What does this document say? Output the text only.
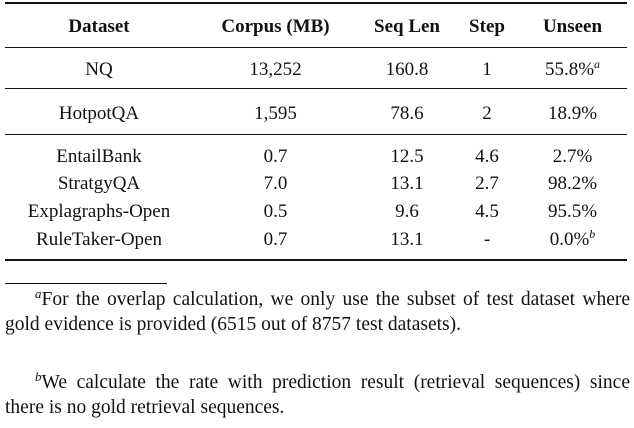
Dataset	Corpus (MB)	Seq Len	Step	Unseen
NQ	13,252	160.8	1	55.8%$^a$
HotpotQA	1,595	78.6	2	18.9%
EntailBank	0.7	12.5	4.6	2.7%
StratgyQA	7.0	13.1	2.7	98.2%
Explagraphs-Open	0.5	9.6	4.5	95.5%
RuleTaker-Open	0.7	13.1	-	0.0%$^b$
$^a$For the overlap calculation, we only use the subset of test dataset where gold evidence is provided (6515 out of 8757 test datasets).
$^b$We calculate the rate with prediction result (retrieval sequences) since there is no gold retrieval sequences.
